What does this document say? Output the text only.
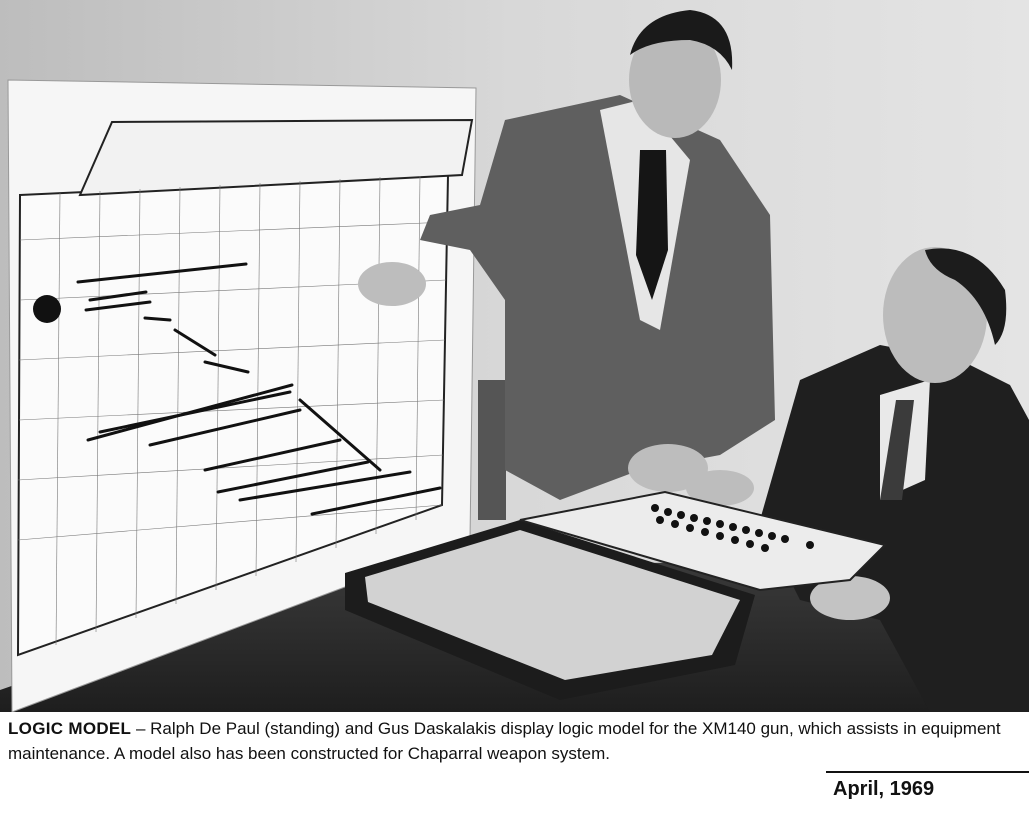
LOGIC MODEL – Ralph De Paul (standing) and Gus Daskalakis display logic model for the XM140 gun, which assists in equipment maintenance. A model also has been constructed for Chaparral weapon system.
April, 1969
